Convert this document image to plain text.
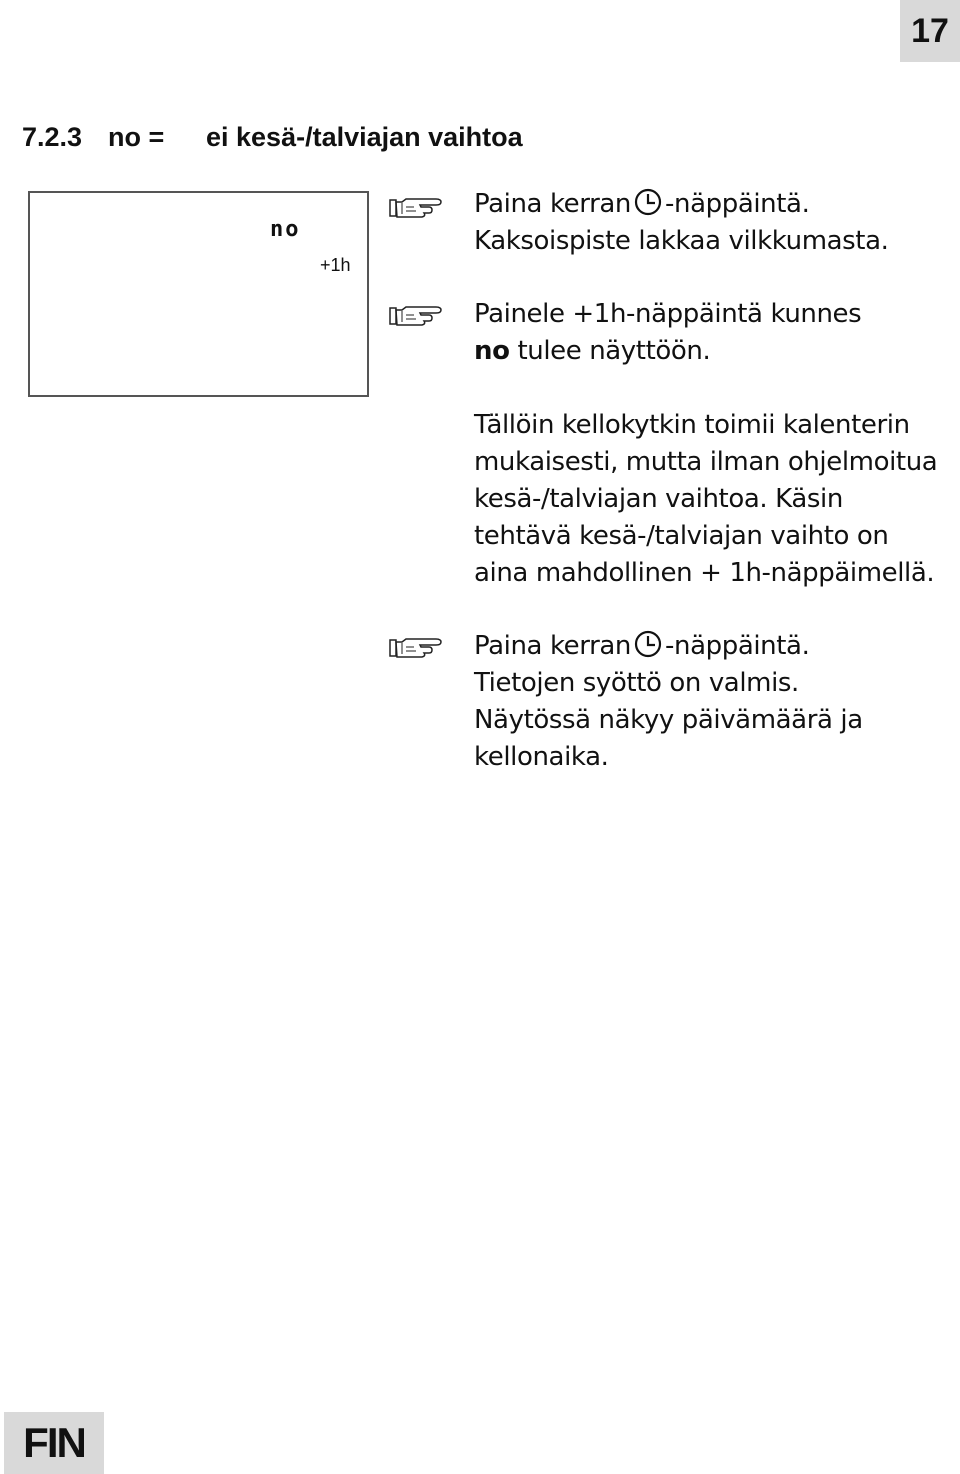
17
7.2.3 no = ei kesä-/talviajan vaihtoa
no
+1h

Paina kerran -näppäintä.
Kaksoispiste lakkaa vilkkumasta.

Painele +1h-näppäintä kunnes
no tulee näyttöön.

Tällöin kellokytkin toimii kalenterin
mukaisesti, mutta ilman ohjelmoitua
kesä-/talviajan vaihtoa. Käsin
tehtävä kesä-/talviajan vaihto on
aina mahdollinen + 1h-näppäimellä.

Paina kerran -näppäintä.
Tietojen syöttö on valmis.
Näytössä näkyy päivämäärä ja
kellonaika.

FIN
